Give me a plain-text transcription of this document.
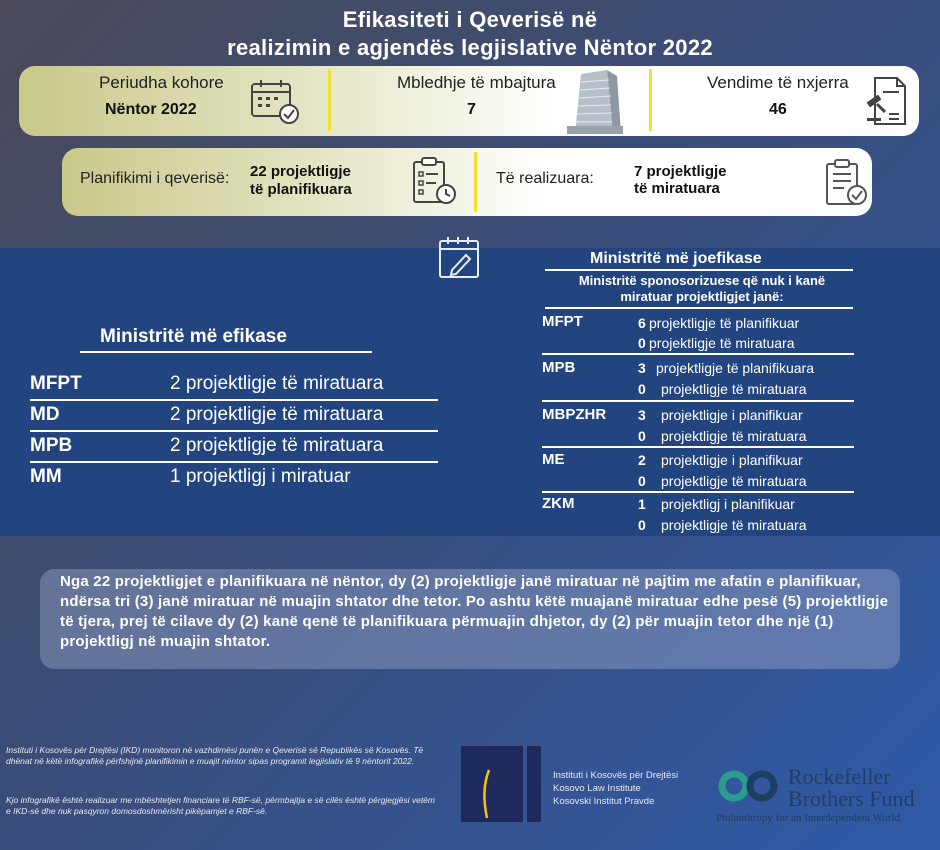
Efikasiteti i Qeverisë në
realizimin e agjendës legjislative Nëntor 2022
Periudha kohore
Nëntor 2022
Mbledhje të mbajtura
7
Vendime të nxjerra
46
Planifikimi i qeverisë: 22 projektligje
të planifikuara
Të realizuara:	7 projektligje
të miratuara
Ministritë më efikase
MFPT	2 projektligje të miratuara
MD	2 projektligje të miratuara
MPB	2 projektligje të miratuara
MM	1 projektligj i miratuar
Ministritë më joefikase
Ministritë sponosorizuese që nuk i kanë
miratuar projektligjet janë:
MFPT	6 projektligje të planifikuar
0 projektligje të miratuara
MPB	3 projektligje të planifikuara
0 projektligje të miratuara
MBPZHR 3 projektligje i planifikuar
0 projektligje të miratuara
ME	2 projektligje i planifikuar
0 projektligje të miratuara
ZKM	1 projektligj i planifikuar
0 projektligje të miratuara

Nga 22 projektligjet e planifikuara në nëntor, dy (2) projektligje janë miratuar në pajtim me afatin e planifikuar, ndërsa tri (3) janë miratuar në muajin shtator dhe tetor. Po ashtu këtë muajanë miratuar edhe pesë (5) projektligje të tjera, prej të cilave dy (2) kanë qenë të planifikuara përmuajin dhjetor, dy (2) për muajin tetor dhe një (1) projektligj në muajin shtator.

Instituti i Kosovës për Drejtësi (IKD) monitoron në vazhdimësi punën e Qeverisë së Republikës së Kosovës. Të dhënat në këtë infografikë përfshijnë planifikimin e muajit nëntor sipas programit legjislativ të 9 nëntorit 2022.
Kjo infografikë është realizuar me mbështetjen financiare të RBF-së, përmbajtja e së cilës është përgjegjësi vetëm e IKD-së dhe nuk pasqyron domosdoshmërisht pikëpamjet e RBF-së.
Instituti i Kosovës për Drejtësi
Kosovo Law Institute
Kosovski Institut Pravde
Rockefeller
Brothers Fund
Philanthropy for an Interdependent World
